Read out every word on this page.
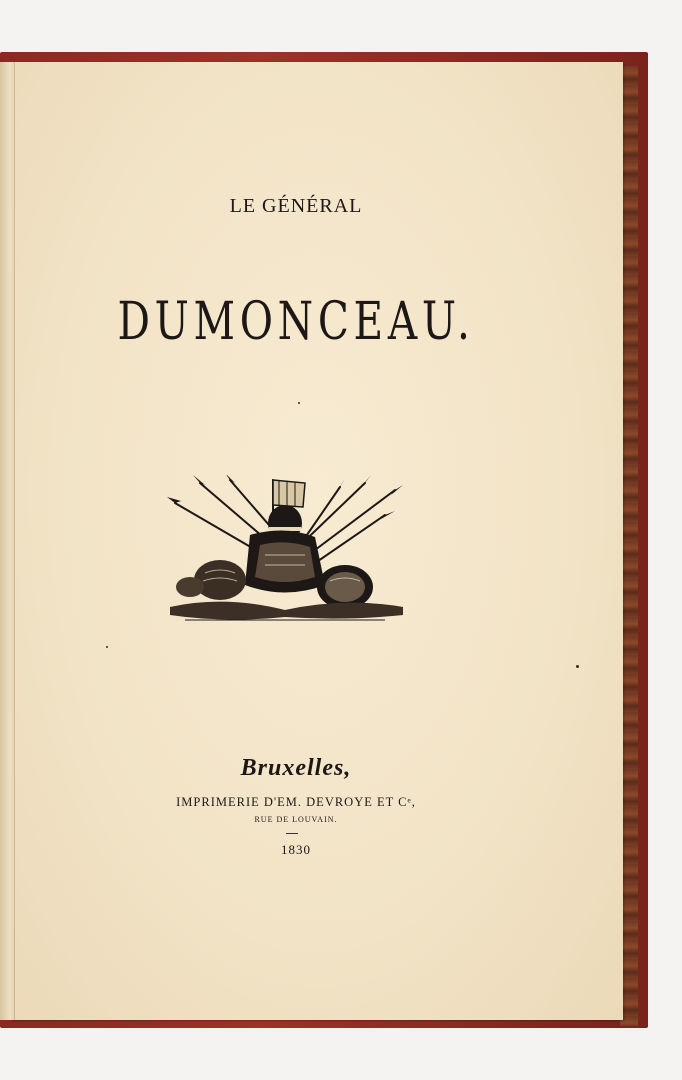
LE GÉNÉRAL
DUMONCEAU.
Bruxelles,
IMPRIMERIE D'EM. DEVROYE ET Cᵉ,
RUE DE LOUVAIN.
1830
